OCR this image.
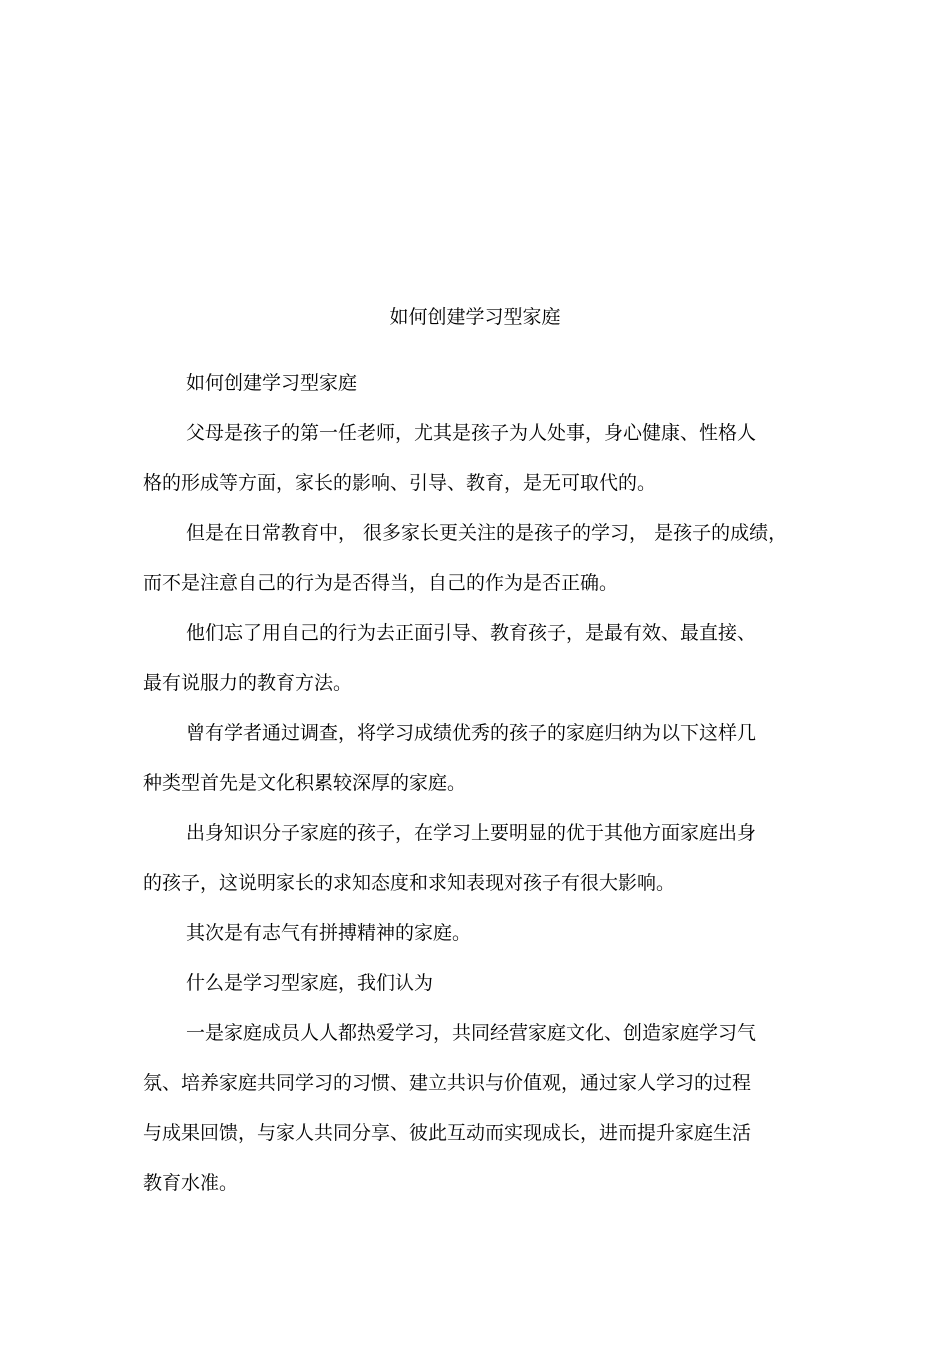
如何创建学习型家庭
如何创建学习型家庭
父母是孩子的第一任老师，尤其是孩子为人处事，身心健康、性格人
格的形成等方面，家长的影响、引导、教育，是无可取代的。
但是在日常教育中， 很多家长更关注的是孩子的学习， 是孩子的成绩，
而不是注意自己的行为是否得当，自己的作为是否正确。
他们忘了用自己的行为去正面引导、教育孩子，是最有效、最直接、
最有说服力的教育方法。
曾有学者通过调查，将学习成绩优秀的孩子的家庭归纳为以下这样几
种类型首先是文化积累较深厚的家庭。
出身知识分子家庭的孩子，在学习上要明显的优于其他方面家庭出身
的孩子，这说明家长的求知态度和求知表现对孩子有很大影响。
其次是有志气有拼搏精神的家庭。
什么是学习型家庭，我们认为
一是家庭成员人人都热爱学习，共同经营家庭文化、创造家庭学习气
氛、培养家庭共同学习的习惯、建立共识与价值观，通过家人学习的过程
与成果回馈，与家人共同分享、彼此互动而实现成长，进而提升家庭生活
教育水准。
